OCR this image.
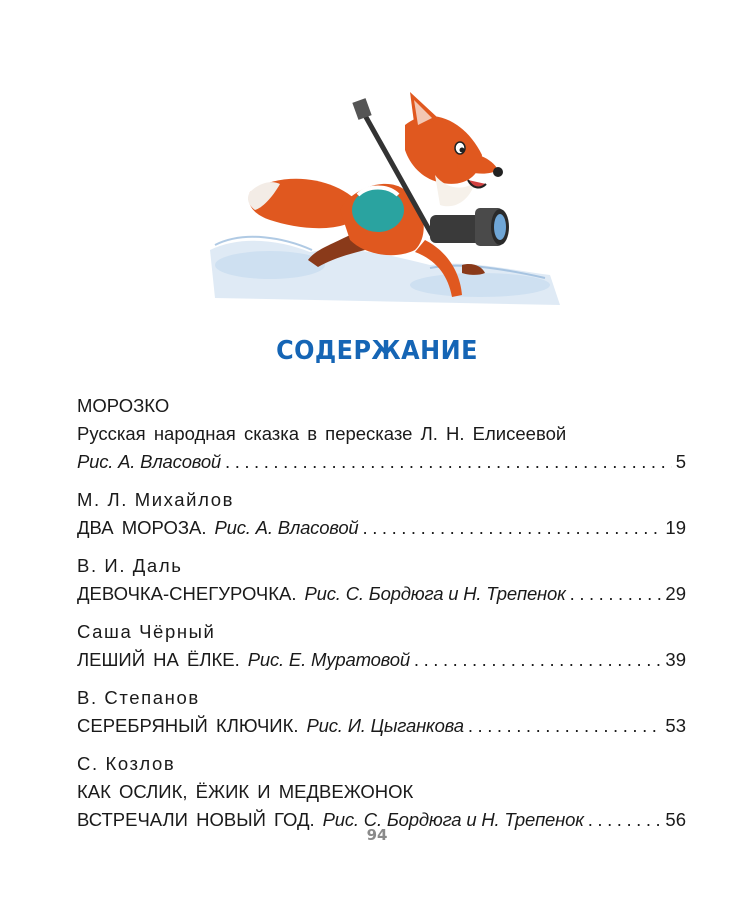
СОДЕРЖАНИЕ
МОРОЗКО
Русская народная сказка в пересказе Л. Н. Елисеевой
Рис. А. Власовой . . .	5
М. Л. Михайлов
ДВА МОРОЗА. Рис. А. Власовой . . .	19
В. И. Даль
ДЕВОЧКА-СНЕГУРОЧКА. Рис. С. Бордюга и Н. Трепенок . . .	29
Саша Чёрный
ЛЕШИЙ НА ЁЛКЕ. Рис. Е. Муратовой . . .	39
В. Степанов
СЕРЕБРЯНЫЙ КЛЮЧИК. Рис. И. Цыганкова . . .	53
С. Козлов
КАК ОСЛИК, ЁЖИК И МЕДВЕЖОНОК
ВСТРЕЧАЛИ НОВЫЙ ГОД. Рис. С. Бордюга и Н. Трепенок . . .	56
94
